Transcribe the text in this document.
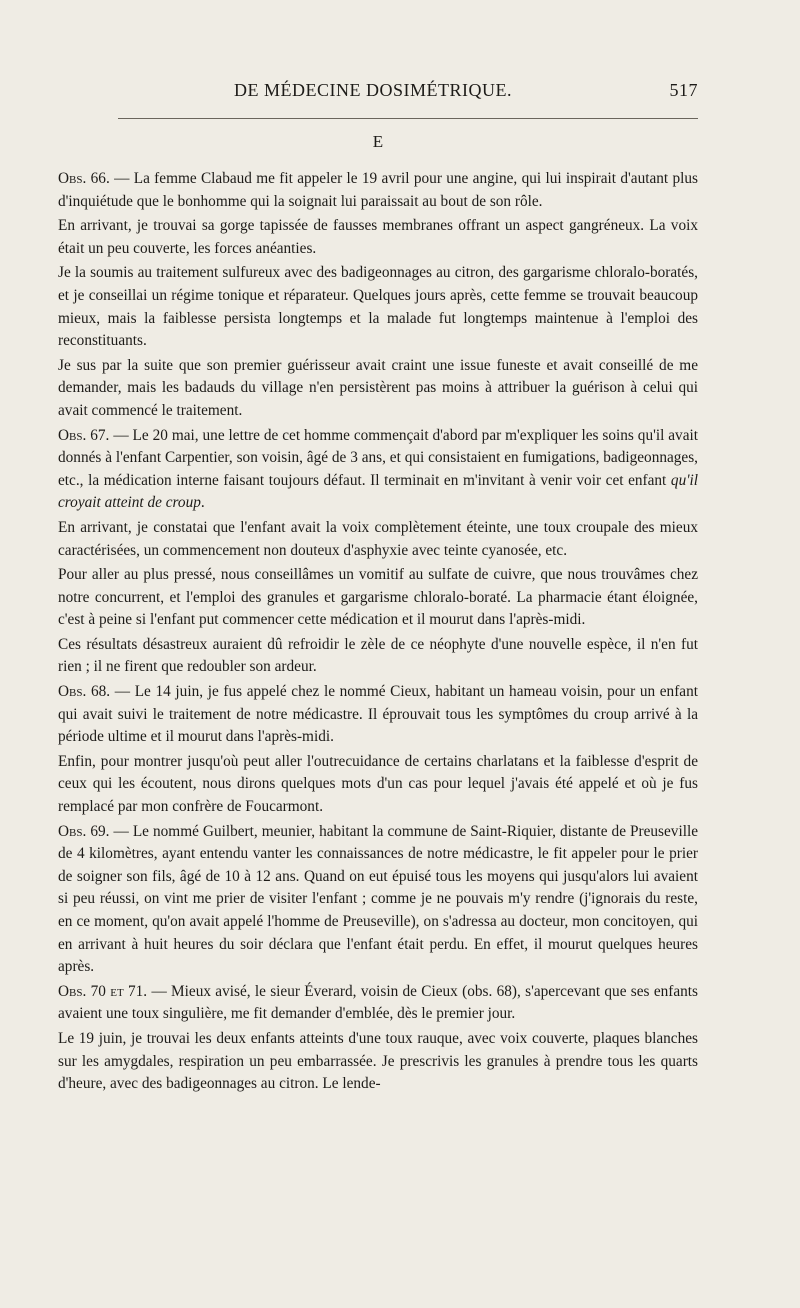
DE MÉDECINE DOSIMÉTRIQUE.	517
E

Obs. 66. — La femme Clabaud me fit appeler le 19 avril pour une angine, qui lui inspirait d'autant plus d'inquiétude que le bonhomme qui la soignait lui paraissait au bout de son rôle.

En arrivant, je trouvai sa gorge tapissée de fausses membranes offrant un aspect gangréneux. La voix était un peu couverte, les forces anéanties.

Je la soumis au traitement sulfureux avec des badigeonnages au citron, des gargarisme chloralo-boratés, et je conseillai un régime tonique et réparateur. Quelques jours après, cette femme se trouvait beaucoup mieux, mais la faiblesse persista longtemps et la malade fut longtemps maintenue à l'emploi des reconstituants.

Je sus par la suite que son premier guérisseur avait craint une issue funeste et avait conseillé de me demander, mais les badauds du village n'en persistèrent pas moins à attribuer la guérison à celui qui avait commencé le traitement.

Obs. 67. — Le 20 mai, une lettre de cet homme commençait d'abord par m'expliquer les soins qu'il avait donnés à l'enfant Carpentier, son voisin, âgé de 3 ans, et qui consistaient en fumigations, badigeonnages, etc., la médication interne faisant toujours défaut. Il terminait en m'invitant à venir voir cet enfant qu'il croyait atteint de croup.

En arrivant, je constatai que l'enfant avait la voix complètement éteinte, une toux croupale des mieux caractérisées, un commencement non douteux d'asphyxie avec teinte cyanosée, etc.

Pour aller au plus pressé, nous conseillâmes un vomitif au sulfate de cuivre, que nous trouvâmes chez notre concurrent, et l'emploi des granules et gargarisme chloralo-boraté. La pharmacie étant éloignée, c'est à peine si l'enfant put commencer cette médication et il mourut dans l'après-midi.

Ces résultats désastreux auraient dû refroidir le zèle de ce néophyte d'une nouvelle espèce, il n'en fut rien ; il ne firent que redoubler son ardeur.

Obs. 68. — Le 14 juin, je fus appelé chez le nommé Cieux, habitant un hameau voisin, pour un enfant qui avait suivi le traitement de notre médicastre. Il éprouvait tous les symptômes du croup arrivé à la période ultime et il mourut dans l'après-midi.

Enfin, pour montrer jusqu'où peut aller l'outrecuidance de certains charlatans et la faiblesse d'esprit de ceux qui les écoutent, nous dirons quelques mots d'un cas pour lequel j'avais été appelé et où je fus remplacé par mon confrère de Foucarmont.

Obs. 69. — Le nommé Guilbert, meunier, habitant la commune de Saint-Riquier, distante de Preuseville de 4 kilomètres, ayant entendu vanter les connaissances de notre médicastre, le fit appeler pour le prier de soigner son fils, âgé de 10 à 12 ans. Quand on eut épuisé tous les moyens qui jusqu'alors lui avaient si peu réussi, on vint me prier de visiter l'enfant ; comme je ne pouvais m'y rendre (j'ignorais du reste, en ce moment, qu'on avait appelé l'homme de Preuseville), on s'adressa au docteur, mon concitoyen, qui en arrivant à huit heures du soir déclara que l'enfant était perdu. En effet, il mourut quelques heures après.

Obs. 70 et 71. — Mieux avisé, le sieur Éverard, voisin de Cieux (obs. 68), s'apercevant que ses enfants avaient une toux singulière, me fit demander d'emblée, dès le premier jour.

Le 19 juin, je trouvai les deux enfants atteints d'une toux rauque, avec voix couverte, plaques blanches sur les amygdales, respiration un peu embarrassée. Je prescrivis les granules à prendre tous les quarts d'heure, avec des badigeonnages au citron. Le lende-
